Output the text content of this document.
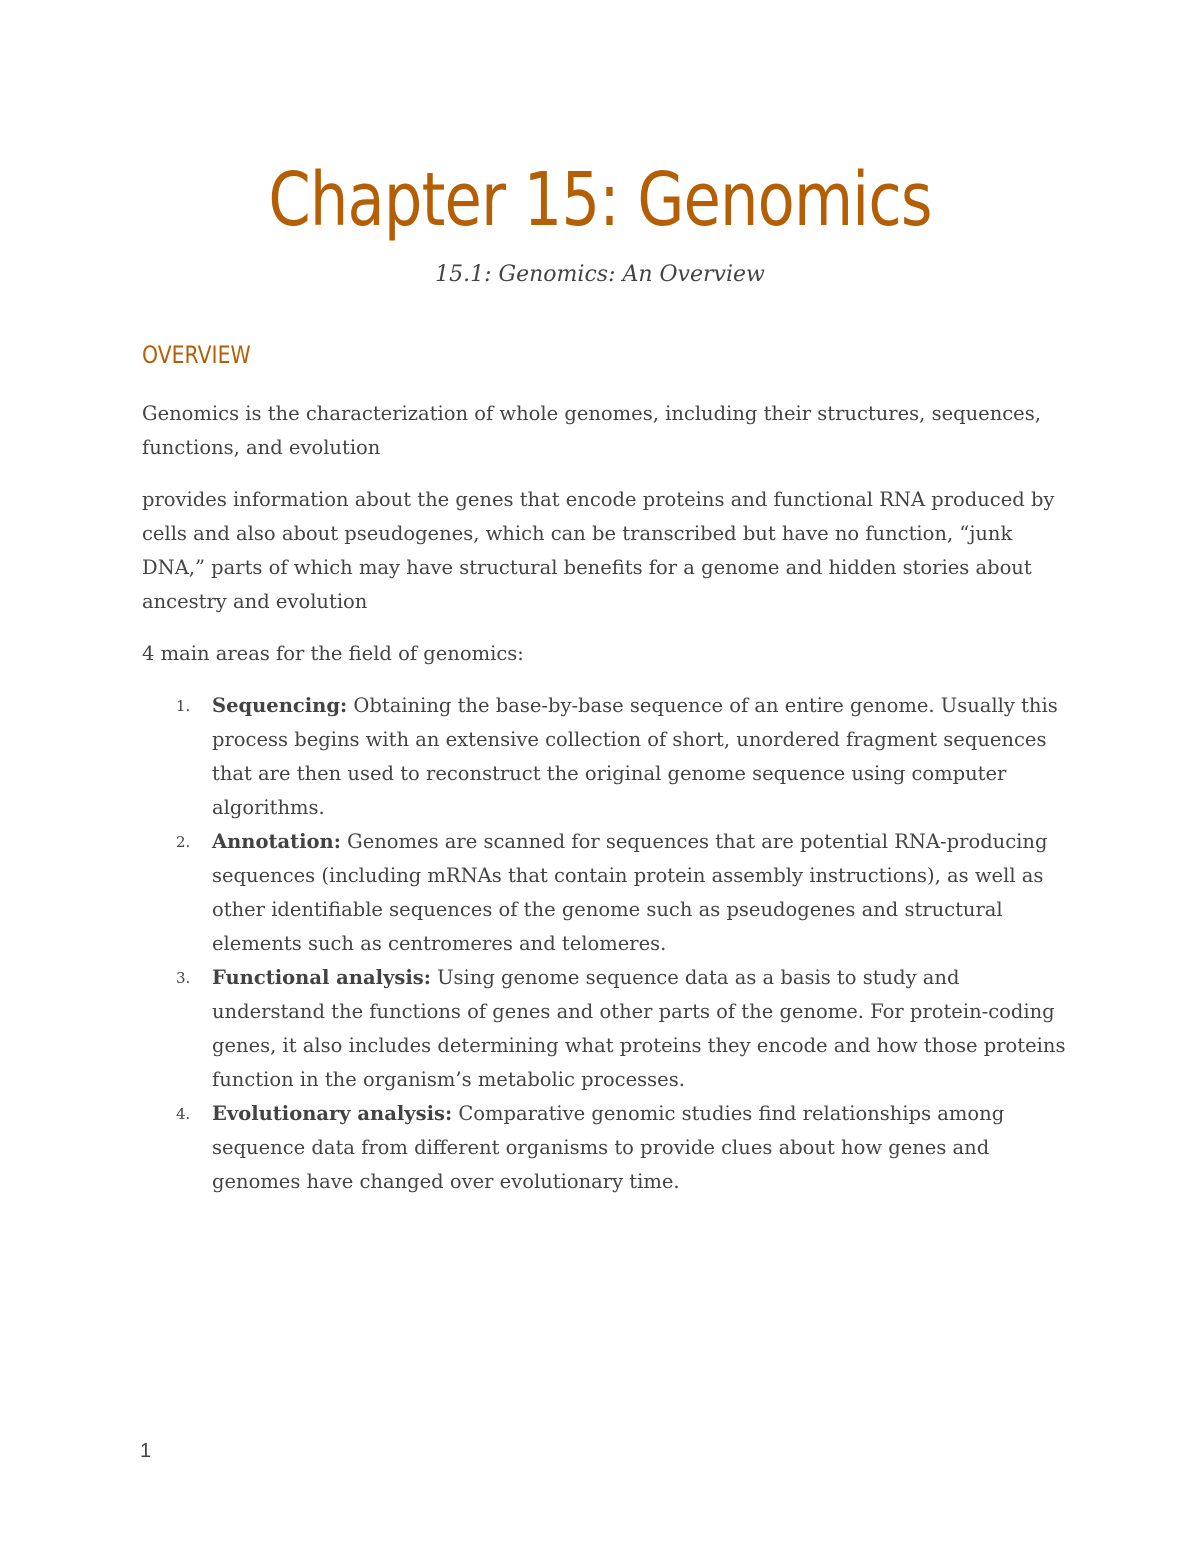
Chapter 15: Genomics
15.1: Genomics: An Overview
OVERVIEW

Genomics is the characterization of whole genomes, including their structures, sequences, functions, and evolution

provides information about the genes that encode proteins and functional RNA produced by cells and also about pseudogenes, which can be transcribed but have no function, “junk DNA,” parts of which may have structural benefits for a genome and hidden stories about ancestry and evolution

4 main areas for the field of genomics:

1. Sequencing: Obtaining the base-by-base sequence of an entire genome. Usually this process begins with an extensive collection of short, unordered fragment sequences that are then used to reconstruct the original genome sequence using computer algorithms.
2. Annotation: Genomes are scanned for sequences that are potential RNA-producing sequences (including mRNAs that contain protein assembly instructions), as well as other identifiable sequences of the genome such as pseudogenes and structural elements such as centromeres and telomeres.
3. Functional analysis: Using genome sequence data as a basis to study and understand the functions of genes and other parts of the genome. For protein-coding genes, it also includes determining what proteins they encode and how those proteins function in the organism’s metabolic processes.
4. Evolutionary analysis: Comparative genomic studies find relationships among sequence data from different organisms to provide clues about how genes and genomes have changed over evolutionary time.
1
